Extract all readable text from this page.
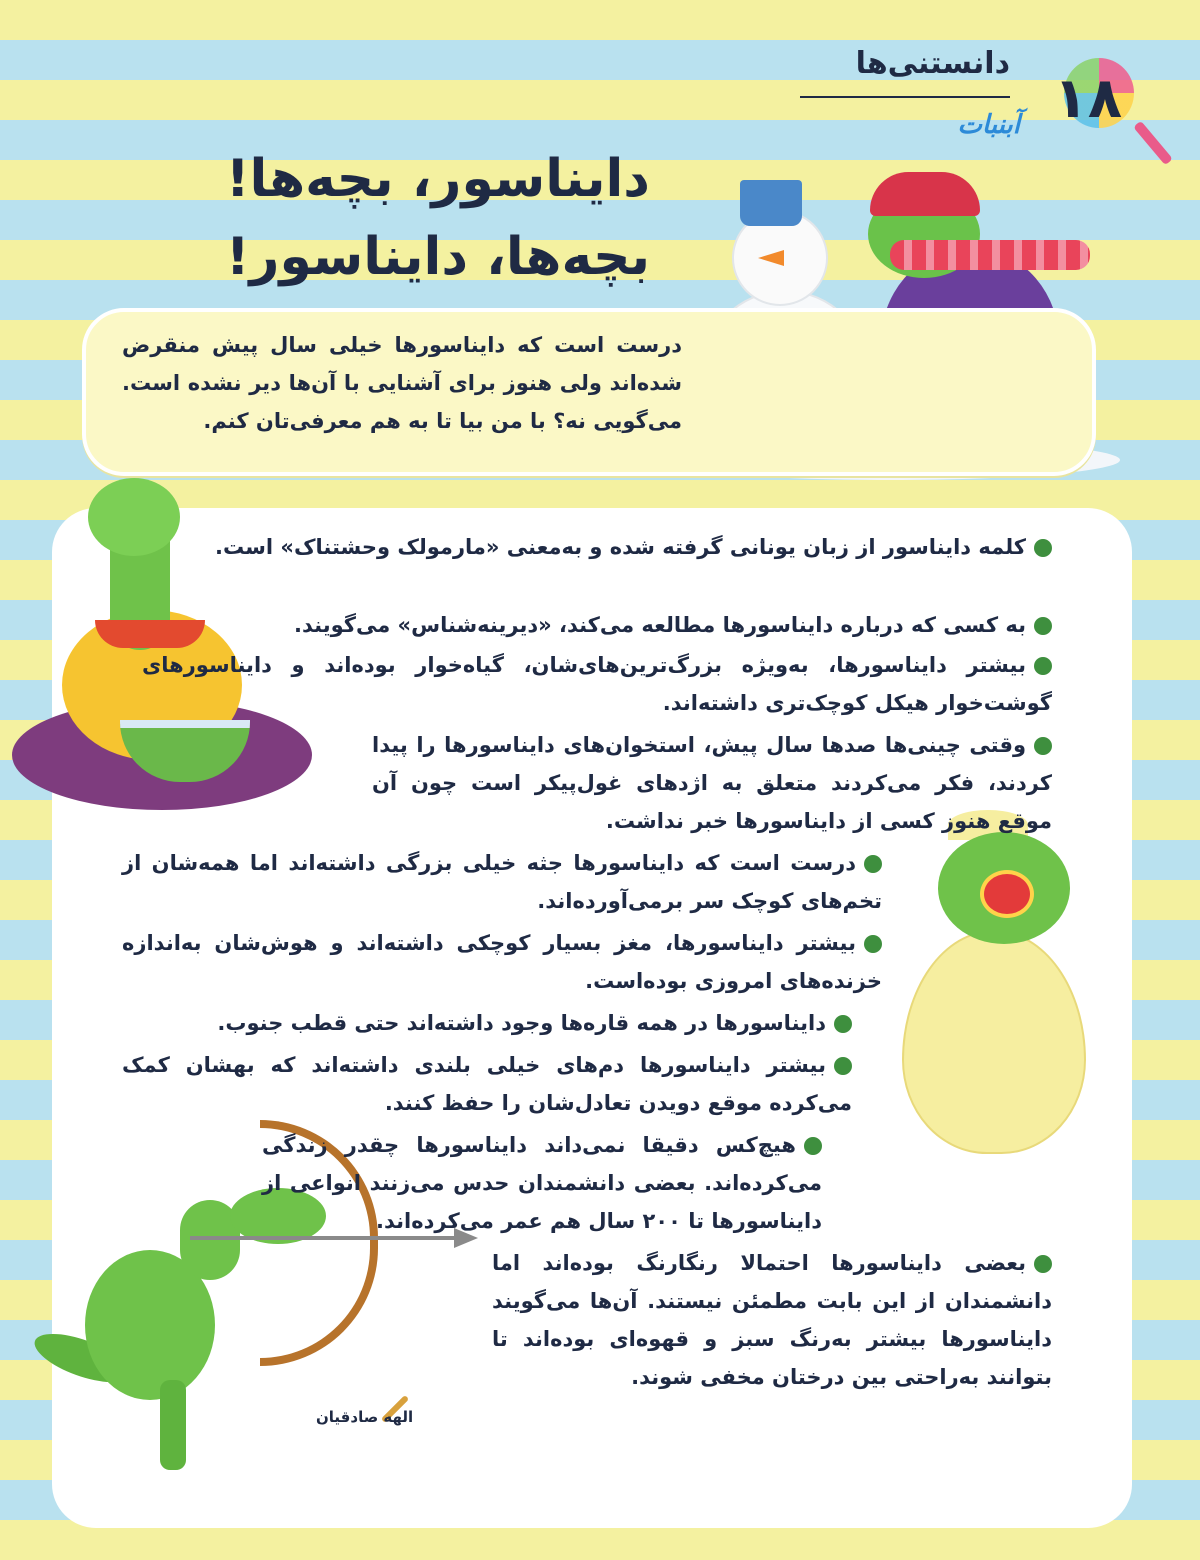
۱۸
دانستنی‌ها
آبنبات
دایناسور، بچه‌ها!
بچه‌ها، دایناسور!
درست است که دایناسورها خیلی سال پیش منقرض شده‌اند ولی هنوز برای آشنایی با آن‌ها دیر نشده است. می‌گویی نه؟ با من بیا تا به هم معرفی‌تان کنم.
کلمه دایناسور از زبان یونانی گرفته شده و به‌معنی «مارمولک وحشتناک» است.
به کسی که درباره دایناسورها مطالعه می‌کند، «دیرینه‌شناس» می‌گویند.
بیشتر دایناسورها، به‌ویژه بزرگ‌ترین‌های‌شان، گیاه‌خوار بوده‌اند و دایناسورهای گوشت‌خوار هیکل کوچک‌تری داشته‌اند.
وقتی چینی‌ها صدها سال پیش، استخوان‌های دایناسورها را پیدا کردند، فکر می‌کردند متعلق به اژدهای غول‌پیکر است چون آن موقع هنوز کسی از دایناسورها خبر نداشت.
درست است که دایناسورها جثه خیلی بزرگی داشته‌اند اما همه‌شان از تخم‌های کوچک سر برمی‌آورده‌اند.
بیشتر دایناسورها، مغز بسیار کوچکی داشته‌اند و هوش‌شان به‌اندازه خزنده‌های امروزی بوده‌است.
دایناسورها در همه قاره‌ها وجود داشته‌اند حتی قطب جنوب.
بیشتر دایناسورها دم‌های خیلی بلندی داشته‌اند که بهشان کمک می‌کرده موقع دویدن تعادل‌شان را حفظ کنند.
هیچ‌کس دقیقا نمی‌داند دایناسورها چقدر زندگی می‌کرده‌اند. بعضی دانشمندان حدس می‌زنند انواعی از دایناسورها تا ۲۰۰ سال هم عمر می‌کرده‌اند.
بعضی دایناسورها احتمالا رنگارنگ بوده‌اند اما دانشمندان از این بابت مطمئن نیستند. آن‌ها می‌گویند دایناسورها بیشتر به‌رنگ سبز و قهوه‌ای بوده‌اند تا بتوانند به‌راحتی بین درختان مخفی شوند.
الهه صادقیان
